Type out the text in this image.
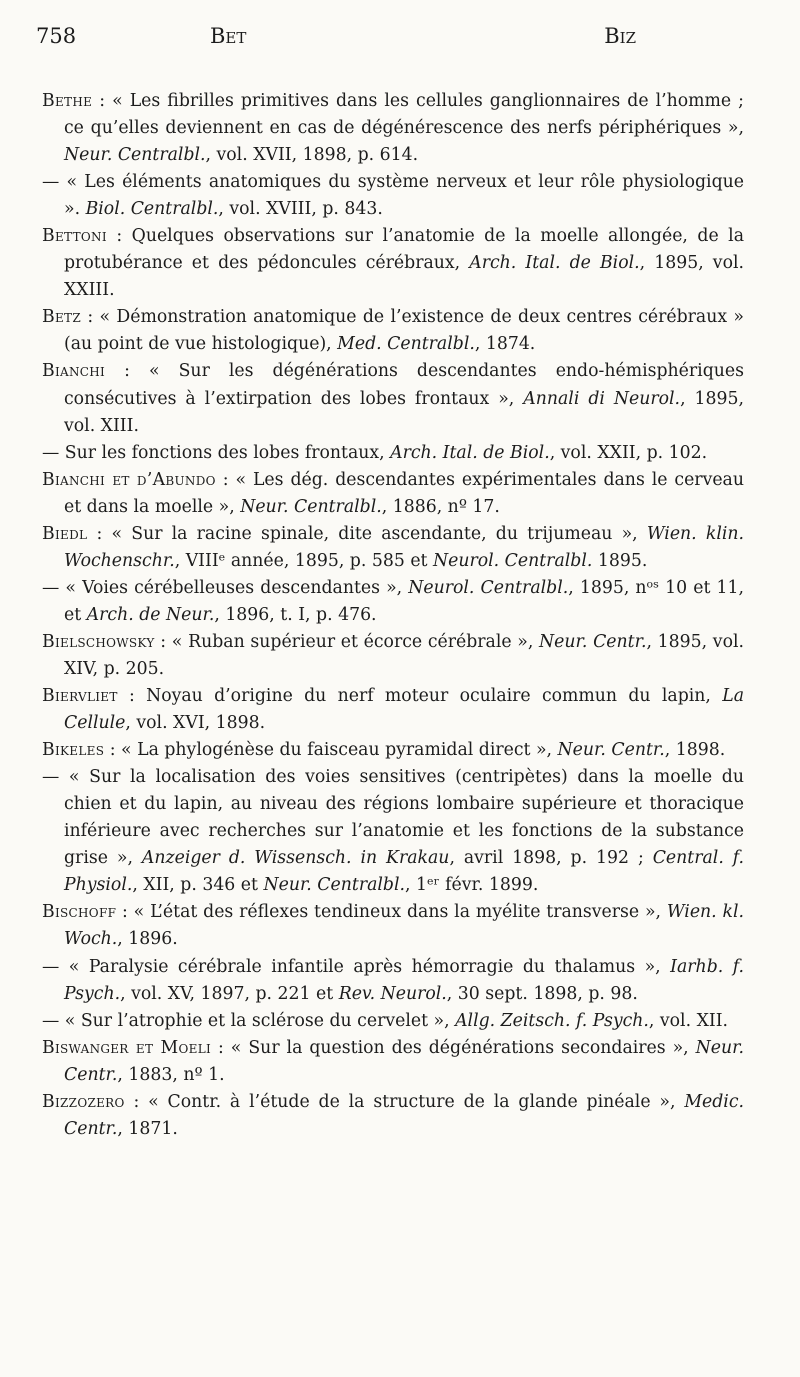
758	Bet	Biz

Bethe : « Les fibrilles primitives dans les cellules ganglionnaires de l’homme ; ce qu’elles deviennent en cas de dégénérescence des nerfs périphériques », Neur. Centralbl., vol. XVII, 1898, p. 614.

— « Les éléments anatomiques du système nerveux et leur rôle physiologique ». Biol. Centralbl., vol. XVIII, p. 843.

Bettoni : Quelques observations sur l’anatomie de la moelle allongée, de la protubérance et des pédoncules cérébraux, Arch. Ital. de Biol., 1895, vol. XXIII.

Betz : « Démonstration anatomique de l’existence de deux centres cérébraux » (au point de vue histologique), Med. Centralbl., 1874.

Bianchi : « Sur les dégénérations descendantes endo-hémisphériques consécutives à l’extirpation des lobes frontaux », Annali di Neurol., 1895, vol. XIII.

— Sur les fonctions des lobes frontaux, Arch. Ital. de Biol., vol. XXII, p. 102.

Bianchi et d’Abundo : « Les dég. descendantes expérimentales dans le cerveau et dans la moelle », Neur. Centralbl., 1886, nº 17.

Biedl : « Sur la racine spinale, dite ascendante, du trijumeau », Wien. klin. Wochenschr., VIIIᵉ année, 1895, p. 585 et Neurol. Centralbl. 1895.

— « Voies cérébelleuses descendantes », Neurol. Centralbl., 1895, nᵒˢ 10 et 11, et Arch. de Neur., 1896, t. I, p. 476.

Bielschowsky : « Ruban supérieur et écorce cérébrale », Neur. Centr., 1895, vol. XIV, p. 205.

Biervliet : Noyau d’origine du nerf moteur oculaire commun du lapin, La Cellule, vol. XVI, 1898.

Bikeles : « La phylogénèse du faisceau pyramidal direct », Neur. Centr., 1898.

— « Sur la localisation des voies sensitives (centripètes) dans la moelle du chien et du lapin, au niveau des régions lombaire supérieure et thoracique inférieure avec recherches sur l’anatomie et les fonctions de la substance grise », Anzeiger d. Wissensch. in Krakau, avril 1898, p. 192 ; Central. f. Physiol., XII, p. 346 et Neur. Centralbl., 1ᵉʳ févr. 1899.

Bischoff : « L’état des réflexes tendineux dans la myélite transverse », Wien. kl. Woch., 1896.

— « Paralysie cérébrale infantile après hémorragie du thalamus », Iarhb. f. Psych., vol. XV, 1897, p. 221 et Rev. Neurol., 30 sept. 1898, p. 98.

— « Sur l’atrophie et la sclérose du cervelet », Allg. Zeitsch. f. Psych., vol. XII.

Biswanger et Moeli : « Sur la question des dégénérations secondaires », Neur. Centr., 1883, nº 1.

Bizzozero : « Contr. à l’étude de la structure de la glande pinéale », Medic. Centr., 1871.
